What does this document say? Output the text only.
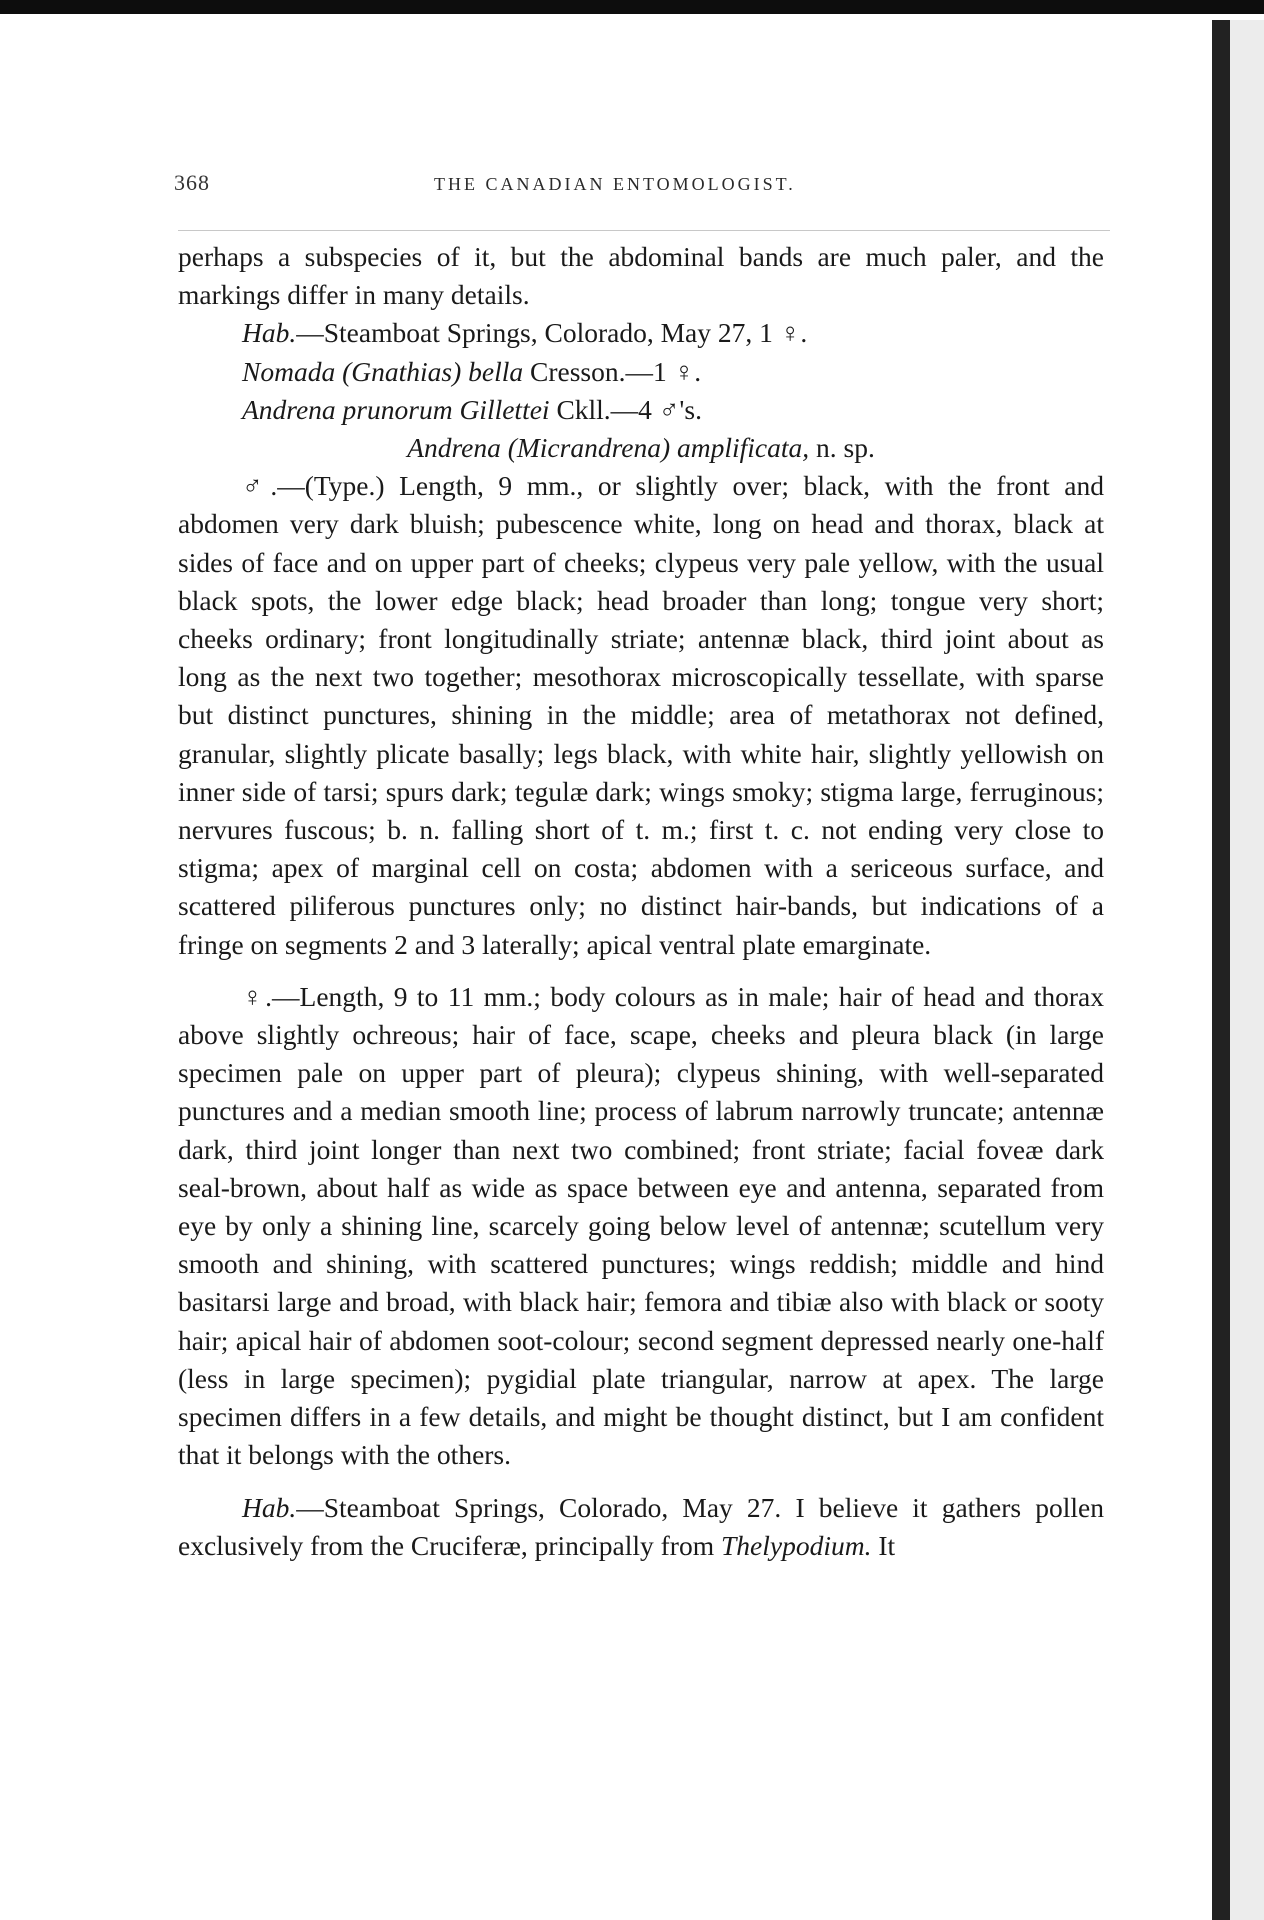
368	THE CANADIAN ENTOMOLOGIST.

perhaps a subspecies of it, but the abdominal bands are much paler, and the markings differ in many details.

Hab.—Steamboat Springs, Colorado, May 27, 1 ♀.

Nomada (Gnathias) bella Cresson.—1 ♀.

Andrena prunorum Gillettei Ckll.—4 ♂'s.

Andrena (Micrandrena) amplificata, n. sp.

♂.—(Type.) Length, 9 mm., or slightly over; black, with the front and abdomen very dark bluish; pubescence white, long on head and thorax, black at sides of face and on upper part of cheeks; clypeus very pale yellow, with the usual black spots, the lower edge black; head broader than long; tongue very short; cheeks ordinary; front longitudinally striate; antennæ black, third joint about as long as the next two together; mesothorax microscopically tessellate, with sparse but distinct punctures, shining in the middle; area of metathorax not defined, granular, slightly plicate basally; legs black, with white hair, slightly yellowish on inner side of tarsi; spurs dark; tegulæ dark; wings smoky; stigma large, ferruginous; nervures fuscous; b. n. falling short of t. m.; first t. c. not ending very close to stigma; apex of marginal cell on costa; abdomen with a sericeous surface, and scattered piliferous punctures only; no distinct hair-bands, but indications of a fringe on segments 2 and 3 laterally; apical ventral plate emarginate.

♀.—Length, 9 to 11 mm.; body colours as in male; hair of head and thorax above slightly ochreous; hair of face, scape, cheeks and pleura black (in large specimen pale on upper part of pleura); clypeus shining, with well-separated punctures and a median smooth line; process of labrum narrowly truncate; antennæ dark, third joint longer than next two combined; front striate; facial foveæ dark seal-brown, about half as wide as space between eye and antenna, separated from eye by only a shining line, scarcely going below level of antennæ; scutellum very smooth and shining, with scattered punctures; wings reddish; middle and hind basitarsi large and broad, with black hair; femora and tibiæ also with black or sooty hair; apical hair of abdomen soot-colour; second segment depressed nearly one-half (less in large specimen); pygidial plate triangular, narrow at apex. The large specimen differs in a few details, and might be thought distinct, but I am confident that it belongs with the others.

Hab.—Steamboat Springs, Colorado, May 27. I believe it gathers pollen exclusively from the Cruciferæ, principally from Thelypodium. It
